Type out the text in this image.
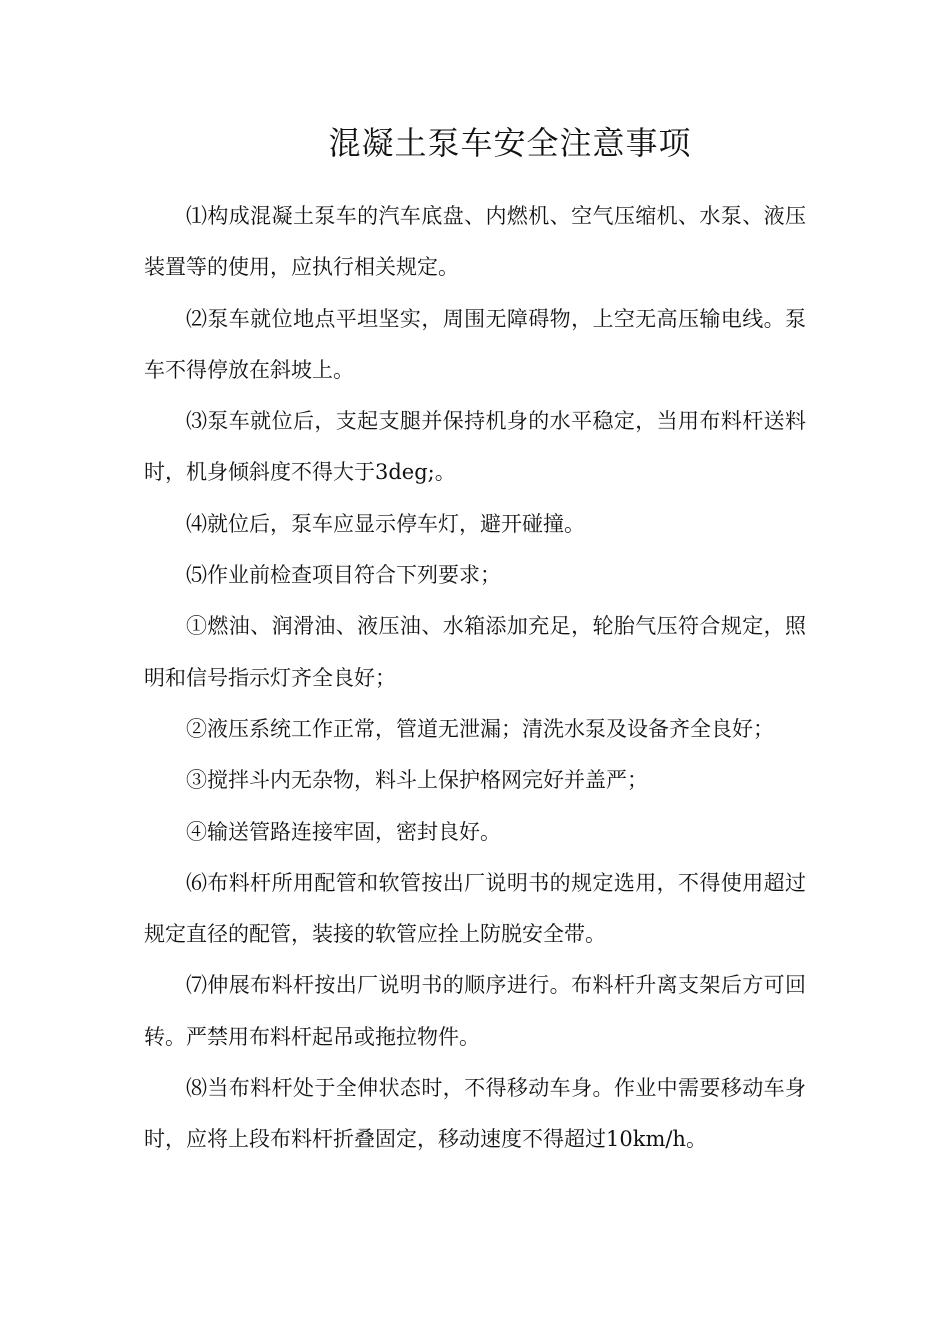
混凝土泵车安全注意事项

⑴构成混凝土泵车的汽车底盘、内燃机、空气压缩机、水泵、液压装置等的使用，应执行相关规定。

⑵泵车就位地点平坦坚实，周围无障碍物，上空无高压输电线。泵车不得停放在斜坡上。

⑶泵车就位后，支起支腿并保持机身的水平稳定，当用布料杆送料时，机身倾斜度不得大于3deg;。

⑷就位后，泵车应显示停车灯，避开碰撞。

⑸作业前检查项目符合下列要求；

①燃油、润滑油、液压油、水箱添加充足，轮胎气压符合规定，照明和信号指示灯齐全良好；

②液压系统工作正常，管道无泄漏；清洗水泵及设备齐全良好；

③搅拌斗内无杂物，料斗上保护格网完好并盖严；

④输送管路连接牢固，密封良好。

⑹布料杆所用配管和软管按出厂说明书的规定选用，不得使用超过规定直径的配管，装接的软管应拴上防脱安全带。

⑺伸展布料杆按出厂说明书的顺序进行。布料杆升离支架后方可回转。严禁用布料杆起吊或拖拉物件。

⑻当布料杆处于全伸状态时，不得移动车身。作业中需要移动车身时，应将上段布料杆折叠固定，移动速度不得超过10km/h。
